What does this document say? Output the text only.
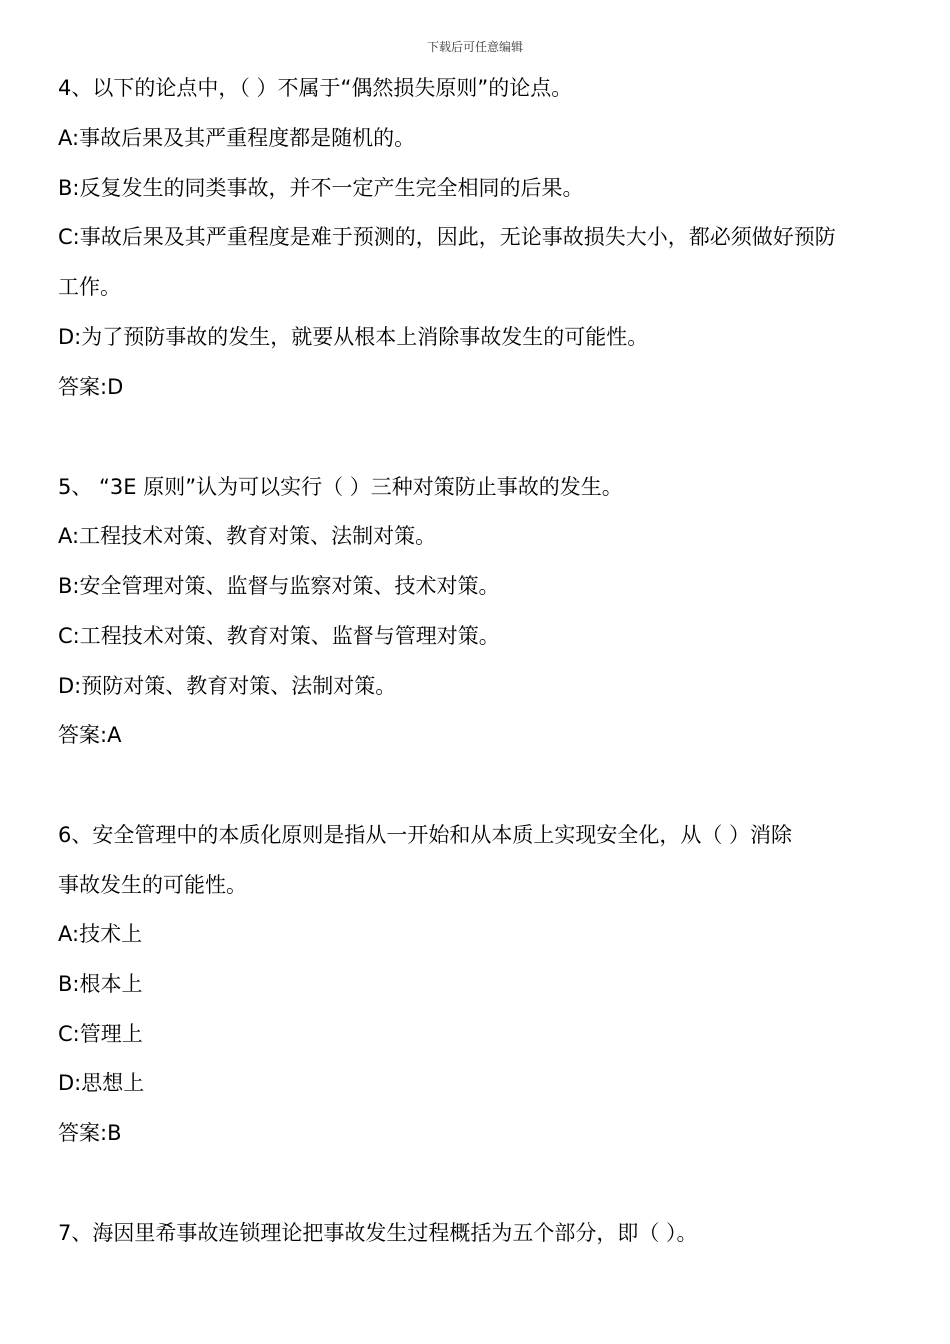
下载后可任意编辑
4、以下的论点中，（ ）不属于“偶然损失原则”的论点。
A:事故后果及其严重程度都是随机的。
B:反复发生的同类事故，并不一定产生完全相同的后果。
C:事故后果及其严重程度是难于预测的，因此，无论事故损失大小，都必须做好预防
工作。
D:为了预防事故的发生，就要从根本上消除事故发生的可能性。
答案:D
5、 “3E 原则”认为可以实行（ ）三种对策防止事故的发生。
A:工程技术对策、教育对策、法制对策。
B:安全管理对策、监督与监察对策、技术对策。
C:工程技术对策、教育对策、监督与管理对策。
D:预防对策、教育对策、法制对策。
答案:A
6、安全管理中的本质化原则是指从一开始和从本质上实现安全化，从（ ）消除
事故发生的可能性。
A:技术上
B:根本上
C:管理上
D:思想上
答案:B
7、海因里希事故连锁理论把事故发生过程概括为五个部分，即（ ）。
